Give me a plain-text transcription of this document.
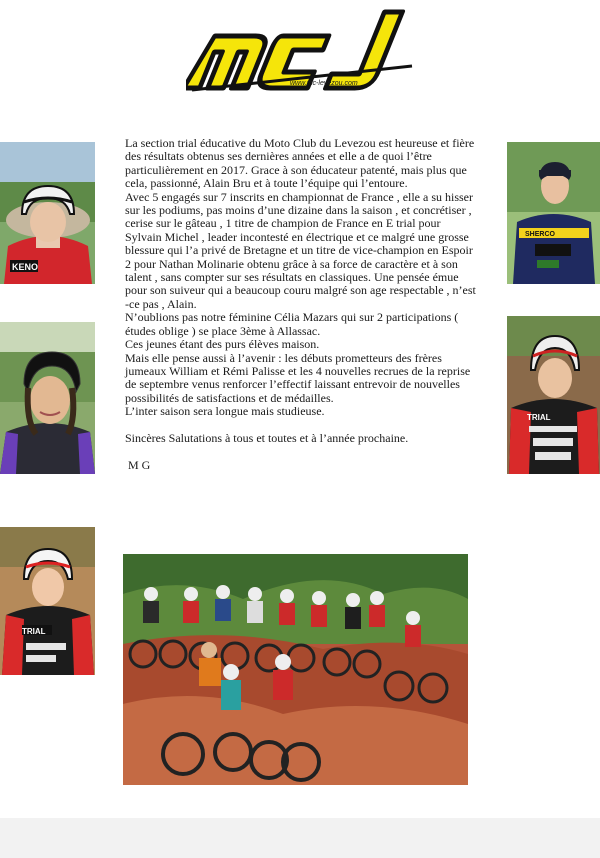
www.mc-levezou.com
KENO
TRIAL
SHERCO
TRIAL

La section trial éducative du Moto Club du Levezou est heureuse et fière des résultats obtenus ses dernières années et elle a de quoi l’être particulièrement en 2017. Grace à son éducateur patenté, mais plus que cela, passionné, Alain Bru et à toute l’équipe qui l’entoure.

Avec 5 engagés sur 7 inscrits en championnat de France , elle a su hisser sur les podiums, pas moins d’une dizaine dans la saison , et concrétiser , cerise sur le gâteau , 1 titre de champion de France en E trial pour Sylvain Michel , leader incontesté en électrique et ce malgré une grosse blessure qui l’a privé de Bretagne et un titre de vice-champion en Espoir 2 pour Nathan Molinarie obtenu grâce à sa force de caractère et à son talent , sans compter sur ses résultats en classiques. Une pensée émue pour son suiveur qui a beaucoup couru malgré son age respectable , n’est -ce pas , Alain.

N’oublions pas notre féminine Célia Mazars qui sur 2 participations ( études oblige ) se place 3ème à Allassac.

Ces jeunes étant des purs élèves maison.

Mais elle pense aussi à l’avenir : les débuts prometteurs des frères jumeaux William et Rémi Palisse et les 4 nouvelles recrues de la reprise de septembre venus renforcer l’effectif laissant entrevoir de nouvelles possibilités de satisfactions et de médailles.

L’inter saison sera longue mais studieuse.

Sincères Salutations à tous et toutes et à l’année prochaine.

M G
